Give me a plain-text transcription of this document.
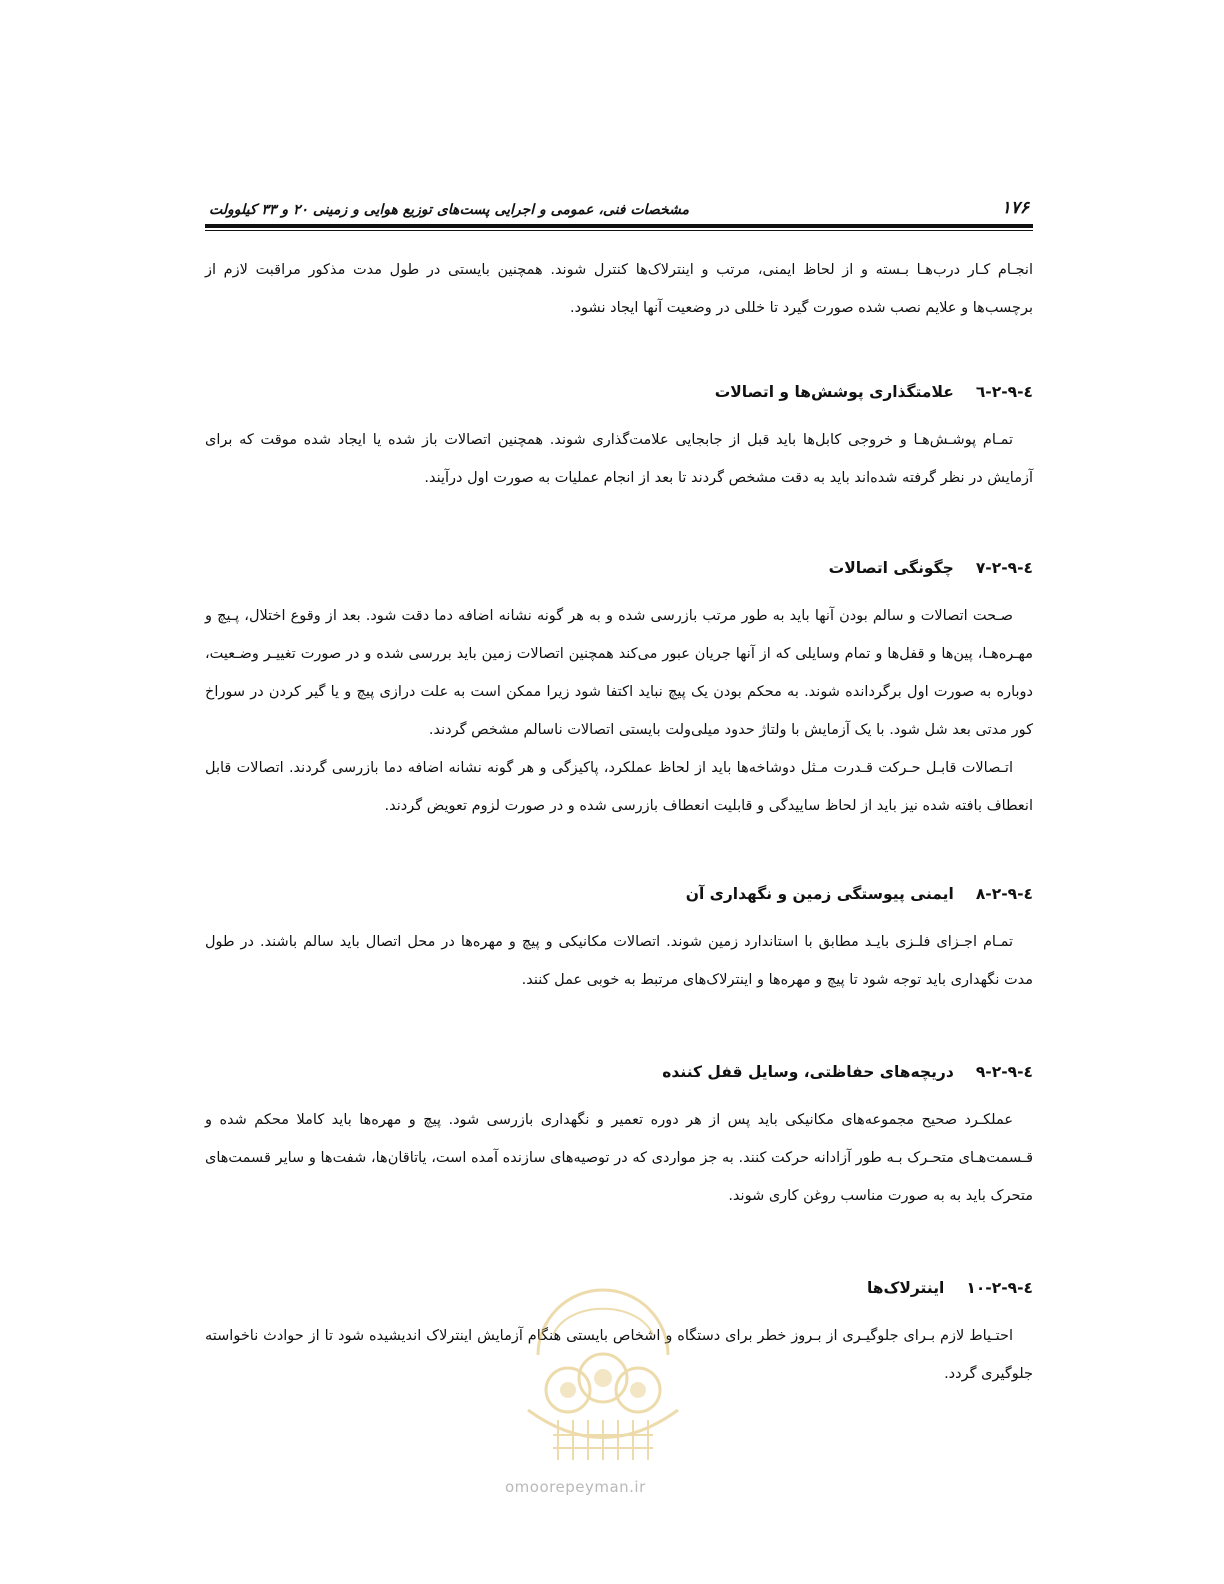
۱۷۶
مشخصات فنی، عمومی و اجرایی پست‌های توزیع هوایی و زمینی ۲۰ و ۳۳ کیلوولت

انجـام کـار درب‌هـا بـسته و از لحاظ ایمنی، مرتب و اینترلاک‌ها کنترل شوند. همچنین بایستی در طول مدت مذکور مراقبت لازم از برچسب‌ها و علایم نصب شده صورت گیرد تا خللی در وضعیت آنها ایجاد نشود.

٤-٩-٢-٦
علامتگذاری پوشش‌ها و اتصالات

تمـام پوشـش‌هـا و خروجی کابل‌ها باید قبل از جابجایی علامت‌گذاری شوند. همچنین اتصالات باز شده یا ایجاد شده موقت که برای آزمایش در نظر گرفته شده‌اند باید به دقت مشخص گردند تا بعد از انجام عملیات به صورت اول درآیند.

٤-٩-٢-٧
چگونگی اتصالات

صـحت اتصالات و سالم بودن آنها باید به طور مرتب بازرسی شده و به هر گونه نشانه اضافه دما دقت شود. بعد از وقوع اختلال، پـیچ و مهـره‌هـا، پین‌ها و قفل‌ها و تمام وسایلی که از آنها جریان عبور می‌کند همچنین اتصالات زمین باید بررسی شده و در صورت تغییـر وضـعیت، دوباره به صورت اول برگردانده شوند. به محکم بودن یک پیچ نباید اکتفا شود زیرا ممکن است به علت درازی پیچ و یا گیر کردن در سوراخ کور مدتی بعد شل شود. با یک آزمایش با ولتاژ حدود میلی‌ولت بایستی اتصالات ناسالم مشخص گردند.

اتـصالات قابـل حـرکت قـدرت مـثل دوشاخه‌ها باید از لحاظ عملکرد، پاکیزگی و هر گونه نشانه اضافه دما بازرسی گردند. اتصالات قابل انعطاف بافته شده نیز باید از لحاظ ساییدگی و قابلیت انعطاف بازرسی شده و در صورت لزوم تعویض گردند.

٤-٩-٢-٨
ایمنی پیوستگی زمین و نگهداری آن

تمـام اجـزای فلـزی بایـد مطابق با استاندارد زمین شوند. اتصالات مکانیکی و پیچ و مهره‌ها در محل اتصال باید سالم باشند. در طول مدت نگهداری باید توجه شود تا پیچ و مهره‌ها و اینترلاک‌های مرتبط به خوبی عمل کنند.

٤-٩-٢-٩
دریچه‌های حفاظتی، وسایل قفل کننده

عملکـرد صحیح مجموعه‌های مکانیکی باید پس از هر دوره تعمیر و نگهداری بازرسی شود. پیچ و مهره‌ها باید کاملا محکم شده و قـسمت‌هـای متحـرک بـه طور آزادانه حرکت کنند. به جز مواردی که در توصیه‌های سازنده آمده است، یاتاقان‌ها، شفت‌ها و سایر قسمت‌های متحرک باید به به صورت مناسب روغن کاری شوند.

٤-٩-٢-١٠
اینترلاک‌ها

احتـیاط لازم بـرای جلوگیـری از بـروز خطر برای دستگاه و اشخاص بایستی هنگام آزمایش اینترلاک اندیشیده شود تا از حوادث ناخواسته جلوگیری گردد.

omoorepeyman.ir
